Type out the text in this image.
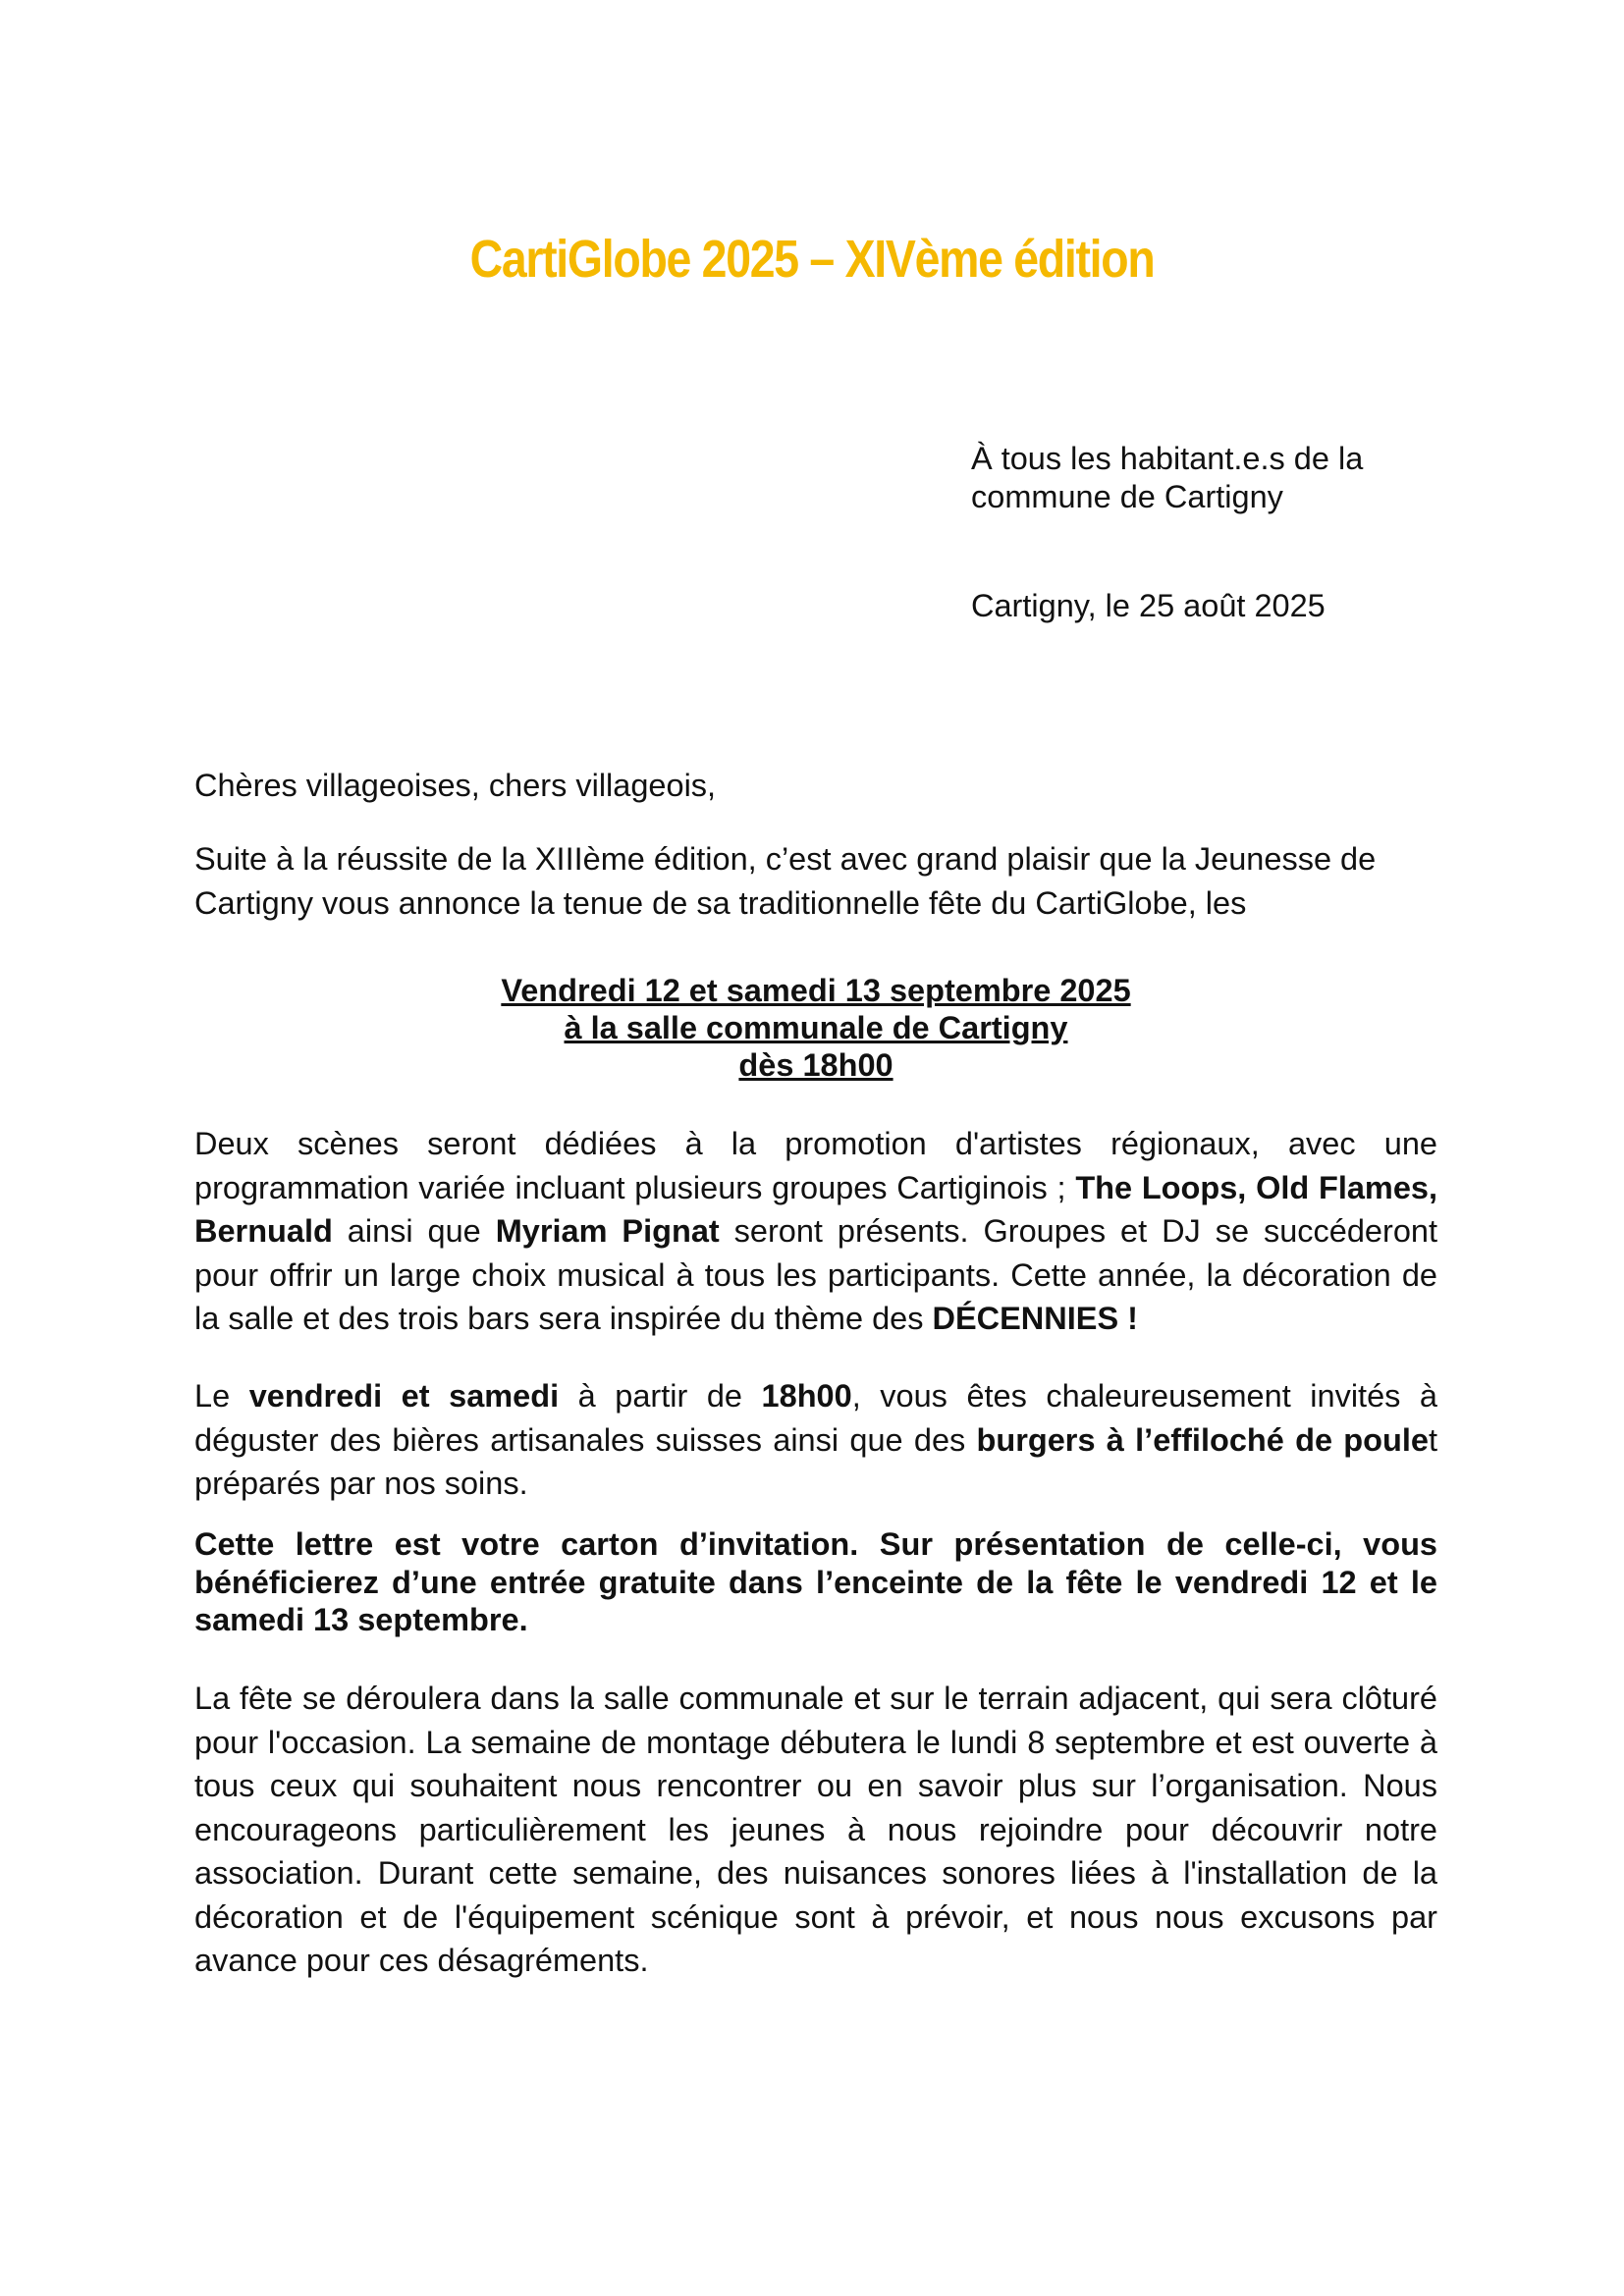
CartiGlobe 2025 – XIVème édition
À tous les habitant.e.s de la
commune de Cartigny
Cartigny, le 25 août 2025
Chères villageoises, chers villageois,
Suite à la réussite de la XIIIème édition, c’est avec grand plaisir que la Jeunesse de Cartigny vous annonce la tenue de sa traditionnelle fête du CartiGlobe, les
Vendredi 12 et samedi 13 septembre 2025
à la salle communale de Cartigny
dès 18h00
Deux scènes seront dédiées à la promotion d'artistes régionaux, avec une programmation variée incluant plusieurs groupes Cartiginois ; The Loops, Old Flames, Bernuald ainsi que Myriam Pignat seront présents. Groupes et DJ se succéderont pour offrir un large choix musical à tous les participants. Cette année, la décoration de la salle et des trois bars sera inspirée du thème des DÉCENNIES !
Le vendredi et samedi à partir de 18h00, vous êtes chaleureusement invités à déguster des bières artisanales suisses ainsi que des burgers à l’effiloché de poulet préparés par nos soins.
Cette lettre est votre carton d’invitation. Sur présentation de celle-ci, vous bénéficierez d’une entrée gratuite dans l’enceinte de la fête le vendredi 12 et le samedi 13 septembre.
La fête se déroulera dans la salle communale et sur le terrain adjacent, qui sera clôturé pour l'occasion. La semaine de montage débutera le lundi 8 septembre et est ouverte à tous ceux qui souhaitent nous rencontrer ou en savoir plus sur l’organisation. Nous encourageons particulièrement les jeunes à nous rejoindre pour découvrir notre association. Durant cette semaine, des nuisances sonores liées à l'installation de la décoration et de l'équipement scénique sont à prévoir, et nous nous excusons par avance pour ces désagréments.
